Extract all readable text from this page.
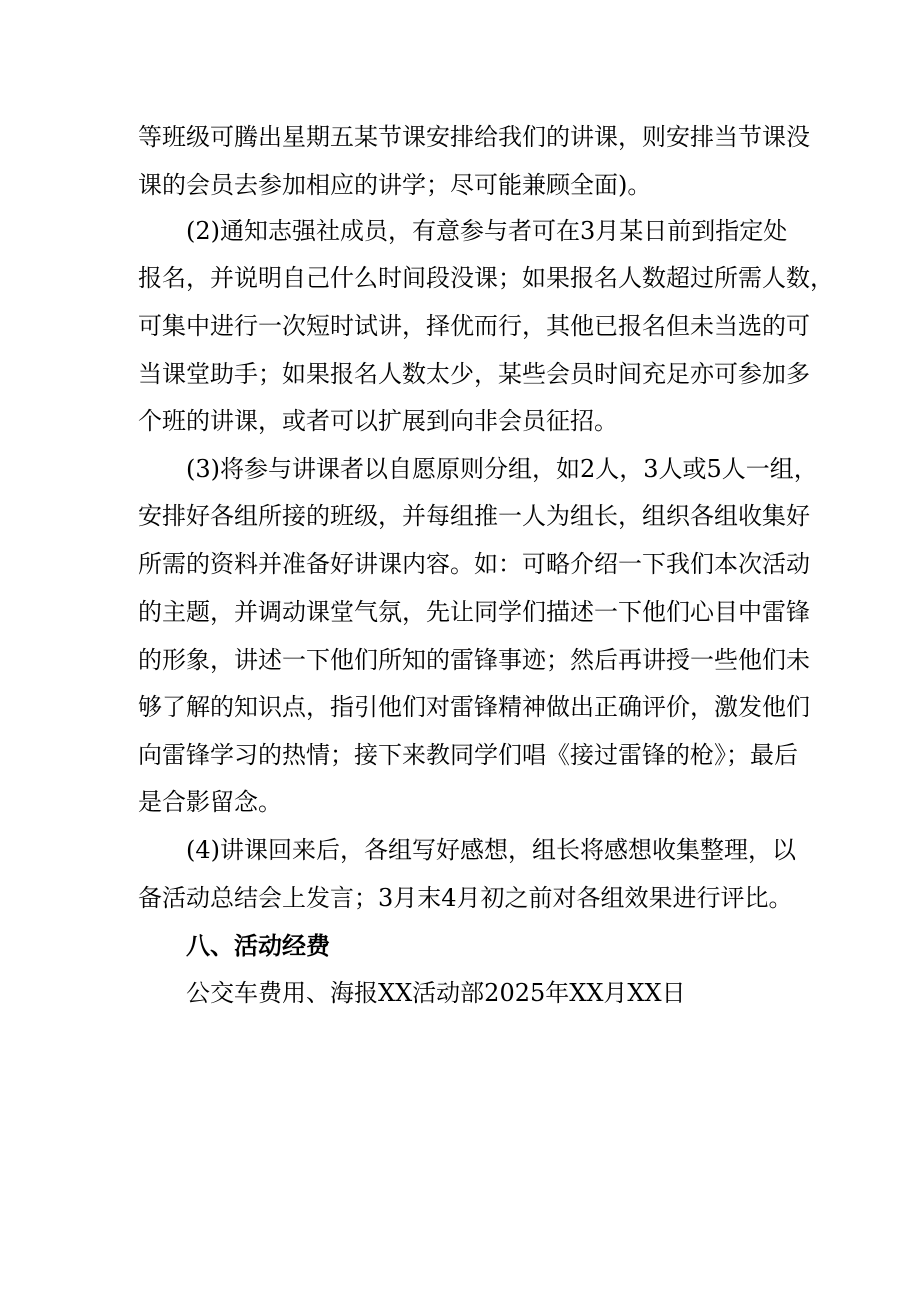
等班级可腾出星期五某节课安排给我们的讲课，则安排当节课没
课的会员去参加相应的讲学；尽可能兼顾全面)。
(2)通知志强社成员，有意参与者可在3月某日前到指定处
报名，并说明自己什么时间段没课；如果报名人数超过所需人数，
可集中进行一次短时试讲，择优而行，其他已报名但未当选的可
当课堂助手；如果报名人数太少，某些会员时间充足亦可参加多
个班的讲课，或者可以扩展到向非会员征招。
(3)将参与讲课者以自愿原则分组，如2人，3人或5人一组，
安排好各组所接的班级，并每组推一人为组长，组织各组收集好
所需的资料并准备好讲课内容。如：可略介绍一下我们本次活动
的主题，并调动课堂气氛，先让同学们描述一下他们心目中雷锋
的形象，讲述一下他们所知的雷锋事迹；然后再讲授一些他们未
够了解的知识点，指引他们对雷锋精神做出正确评价，激发他们
向雷锋学习的热情；接下来教同学们唱《接过雷锋的枪》；最后
是合影留念。
(4)讲课回来后，各组写好感想，组长将感想收集整理，以
备活动总结会上发言；3月末4月初之前对各组效果进行评比。
八、活动经费
公交车费用、海报XX活动部2025年XX月XX日
